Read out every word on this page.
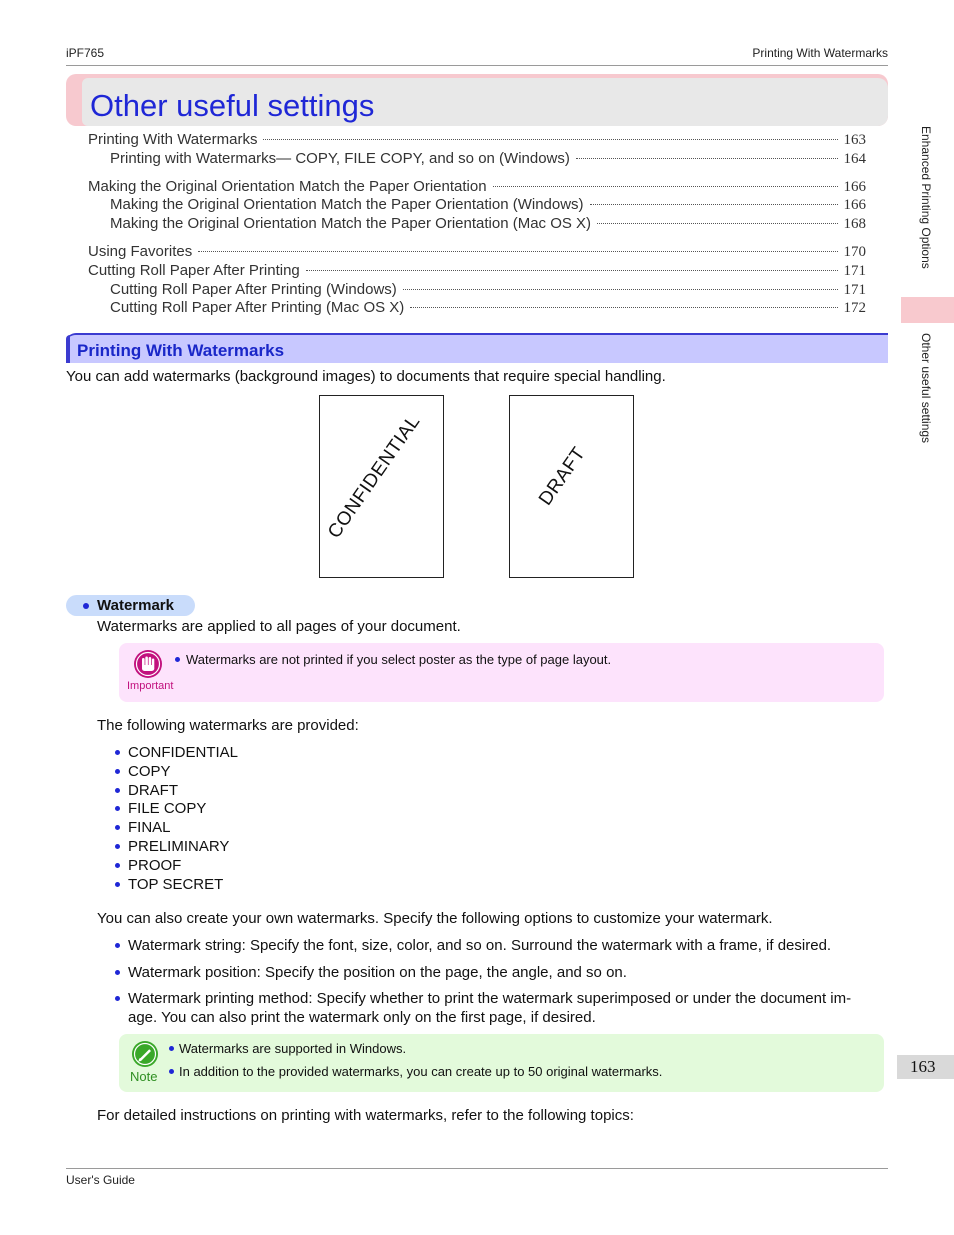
iPF765	Printing With Watermarks
Other useful settings
Printing With Watermarks	163
Printing with Watermarks— COPY, FILE COPY, and so on (Windows)	164
Making the Original Orientation Match the Paper Orientation	166
Making the Original Orientation Match the Paper Orientation (Windows)	166
Making the Original Orientation Match the Paper Orientation (Mac OS X)	168
Using Favorites	170
Cutting Roll Paper After Printing	171
Cutting Roll Paper After Printing (Windows)	171
Cutting Roll Paper After Printing (Mac OS X)	172
Printing With Watermarks
You can add watermarks (background images) to documents that require special handling.
CONFIDENTIAL	DRAFT
Watermark
Watermarks are applied to all pages of your document.
Important
Watermarks are not printed if you select poster as the type of page layout.
The following watermarks are provided:
CONFIDENTIAL
COPY
DRAFT
FILE COPY
FINAL
PRELIMINARY
PROOF
TOP SECRET
You can also create your own watermarks. Specify the following options to customize your watermark.
Watermark string: Specify the font, size, color, and so on. Surround the watermark with a frame, if desired.
Watermark position: Specify the position on the page, the angle, and so on.
Watermark printing method: Specify whether to print the watermark superimposed or under the document im-
age. You can also print the watermark only on the first page, if desired.
Note
Watermarks are supported in Windows.
In addition to the provided watermarks, you can create up to 50 original watermarks.
For detailed instructions on printing with watermarks, refer to the following topics:
Enhanced Printing Options
Other useful settings
163
User's Guide
